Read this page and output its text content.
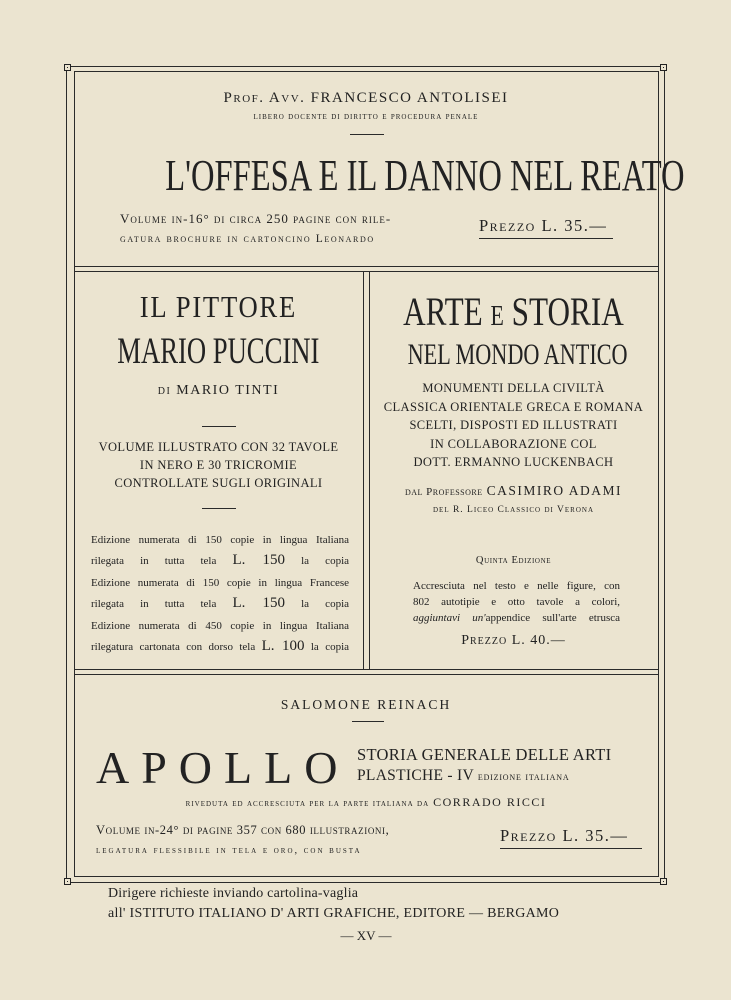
Prof. Avv. FRANCESCO ANTOLISEI
libero docente di diritto e procedura penale
L'OFFESA E IL DANNO NEL REATO
Volume in-16° di circa 250 pagine con rile-
gatura brochure in cartoncino Leonardo
Prezzo L. 35.—
IL PITTORE
MARIO PUCCINI
di MARIO TINTI
VOLUME ILLUSTRATO CON 32 TAVOLE
IN NERO E 30 TRICROMIE
CONTROLLATE SUGLI ORIGINALI
Edizione numerata di 150 copie in lingua Italiana
rilegata in tutta tela L. 150 la copia
Edizione numerata di 150 copie in lingua Francese
rilegata in tutta tela L. 150 la copia
Edizione numerata di 450 copie in lingua Italiana
rilegatura cartonata con dorso tela L. 100 la copia
ARTE e STORIA
NEL MONDO ANTICO
MONUMENTI DELLA CIVILTÀ
CLASSICA ORIENTALE GRECA E ROMANA
SCELTI, DISPOSTI ED ILLUSTRATI
IN COLLABORAZIONE COL
DOTT. ERMANNO LUCKENBACH
dal Professore CASIMIRO ADAMI
del R. Liceo Classico di Verona
Quinta Edizione
Accresciuta nel testo e nelle figure, con
802 autotipie e otto tavole a colori,
aggiuntavi un'appendice sull'arte etrusca
Prezzo L. 40.—
SALOMONE REINACH
APOLLO STORIA GENERALE DELLE ARTI
PLASTICHE - IV edizione italiana
riveduta ed accresciuta per la parte italiana da CORRADO RICCI
Volume in-24° di pagine 357 con 680 illustrazioni,
legatura flessibile in tela e oro, con busta
Prezzo L. 35.—
Dirigere richieste inviando cartolina-vaglia
all' ISTITUTO ITALIANO D' ARTI GRAFICHE, EDITORE — BERGAMO
— XV —
